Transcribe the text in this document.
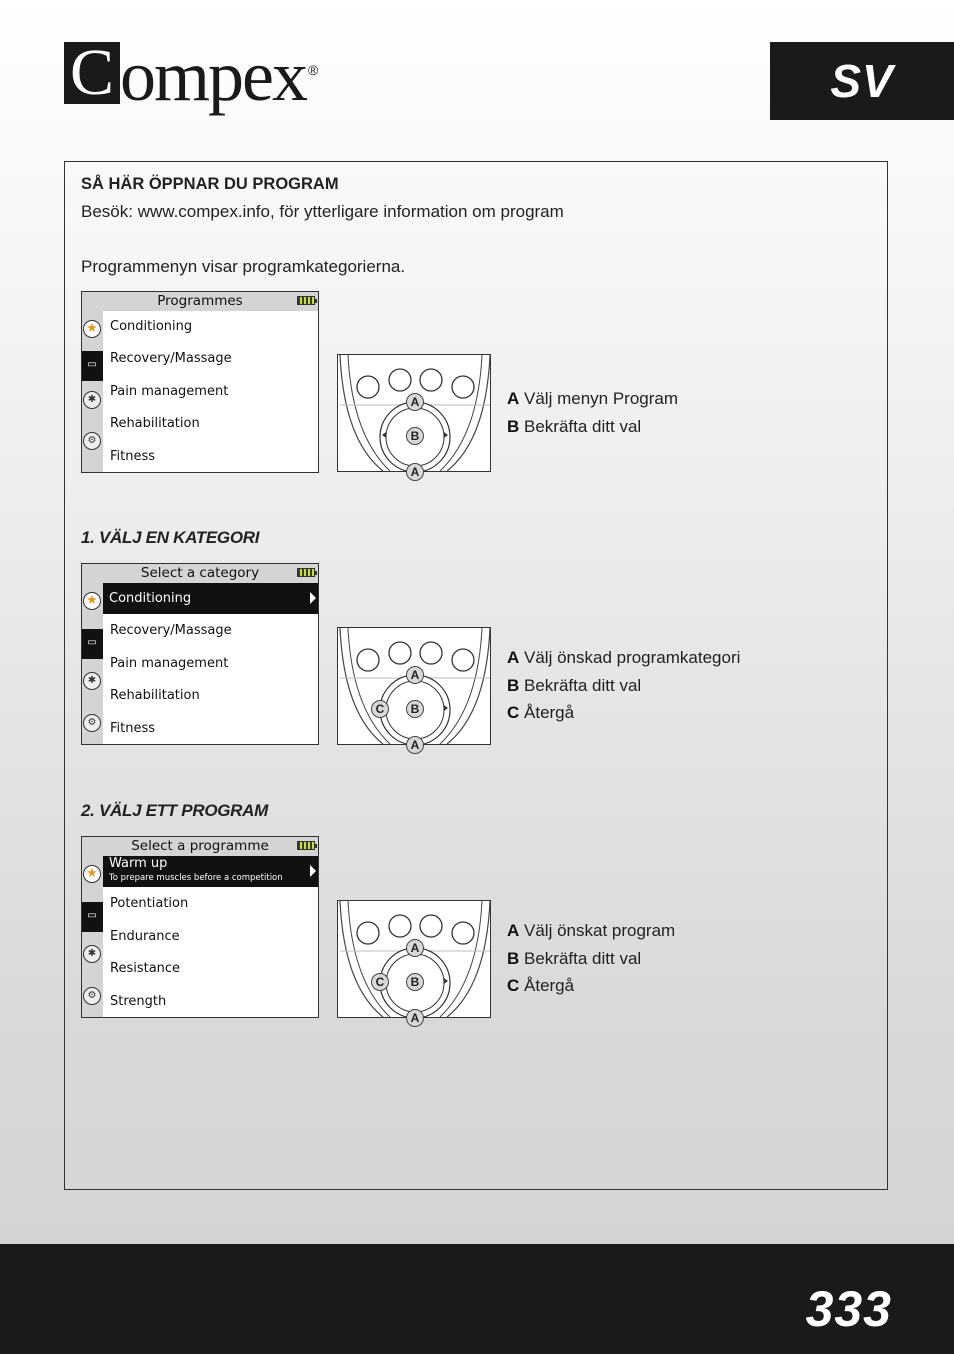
C ompex ®	SV
SÅ HÄR ÖPPNAR DU PROGRAM
Besök: www.compex.info, för ytterligare information om program
Programmenyn visar programkategorierna.
Programmes
★
▭
✱
⚙
Conditioning
Recovery/Massage
Pain management
Rehabilitation
Fitness
A
B
A
A Välj menyn Program
B Bekräfta ditt val
1. VÄLJ EN KATEGORI
Select a category
★
▭
✱
⚙
Conditioning
Recovery/Massage
Pain management
Rehabilitation
Fitness
A
C	B
A
A Välj önskad programkategori
B Bekräfta ditt val
C Återgå
2. VÄLJ ETT PROGRAM
Select a programme
★
▭
✱
⚙
Warm up
To prepare muscles before a competition
Potentiation
Endurance
Resistance
Strength
A
C	B
A
A Välj önskat program
B Bekräfta ditt val
C Återgå
333
